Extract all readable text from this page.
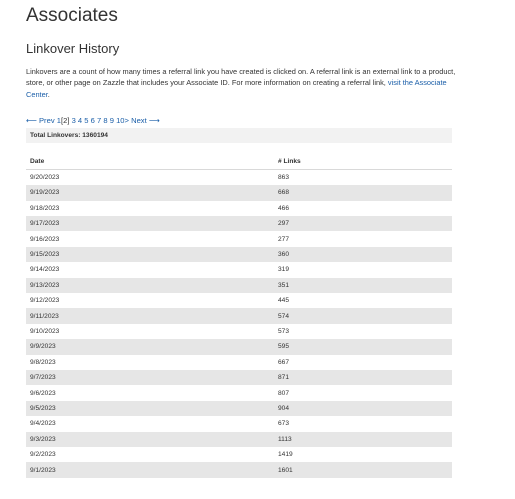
Associates
Linkover History

Linkovers are a count of how many times a referral link you have created is clicked on. A referral link is an external link to a product, store, or other page on Zazzle that includes your Associate ID. For more information on creating a referral link, visit the Associate Center.

⟵ Prev 1[2] 3 4 5 6 7 8 9 10> Next ⟶
Total Linkovers: 1360194
Date	# Links
9/20/2023	863
9/19/2023	668
9/18/2023	466
9/17/2023	297
9/16/2023	277
9/15/2023	360
9/14/2023	319
9/13/2023	351
9/12/2023	445
9/11/2023	574
9/10/2023	573
9/9/2023	595
9/8/2023	667
9/7/2023	871
9/6/2023	807
9/5/2023	904
9/4/2023	673
9/3/2023	1113
9/2/2023	1419
9/1/2023	1601
